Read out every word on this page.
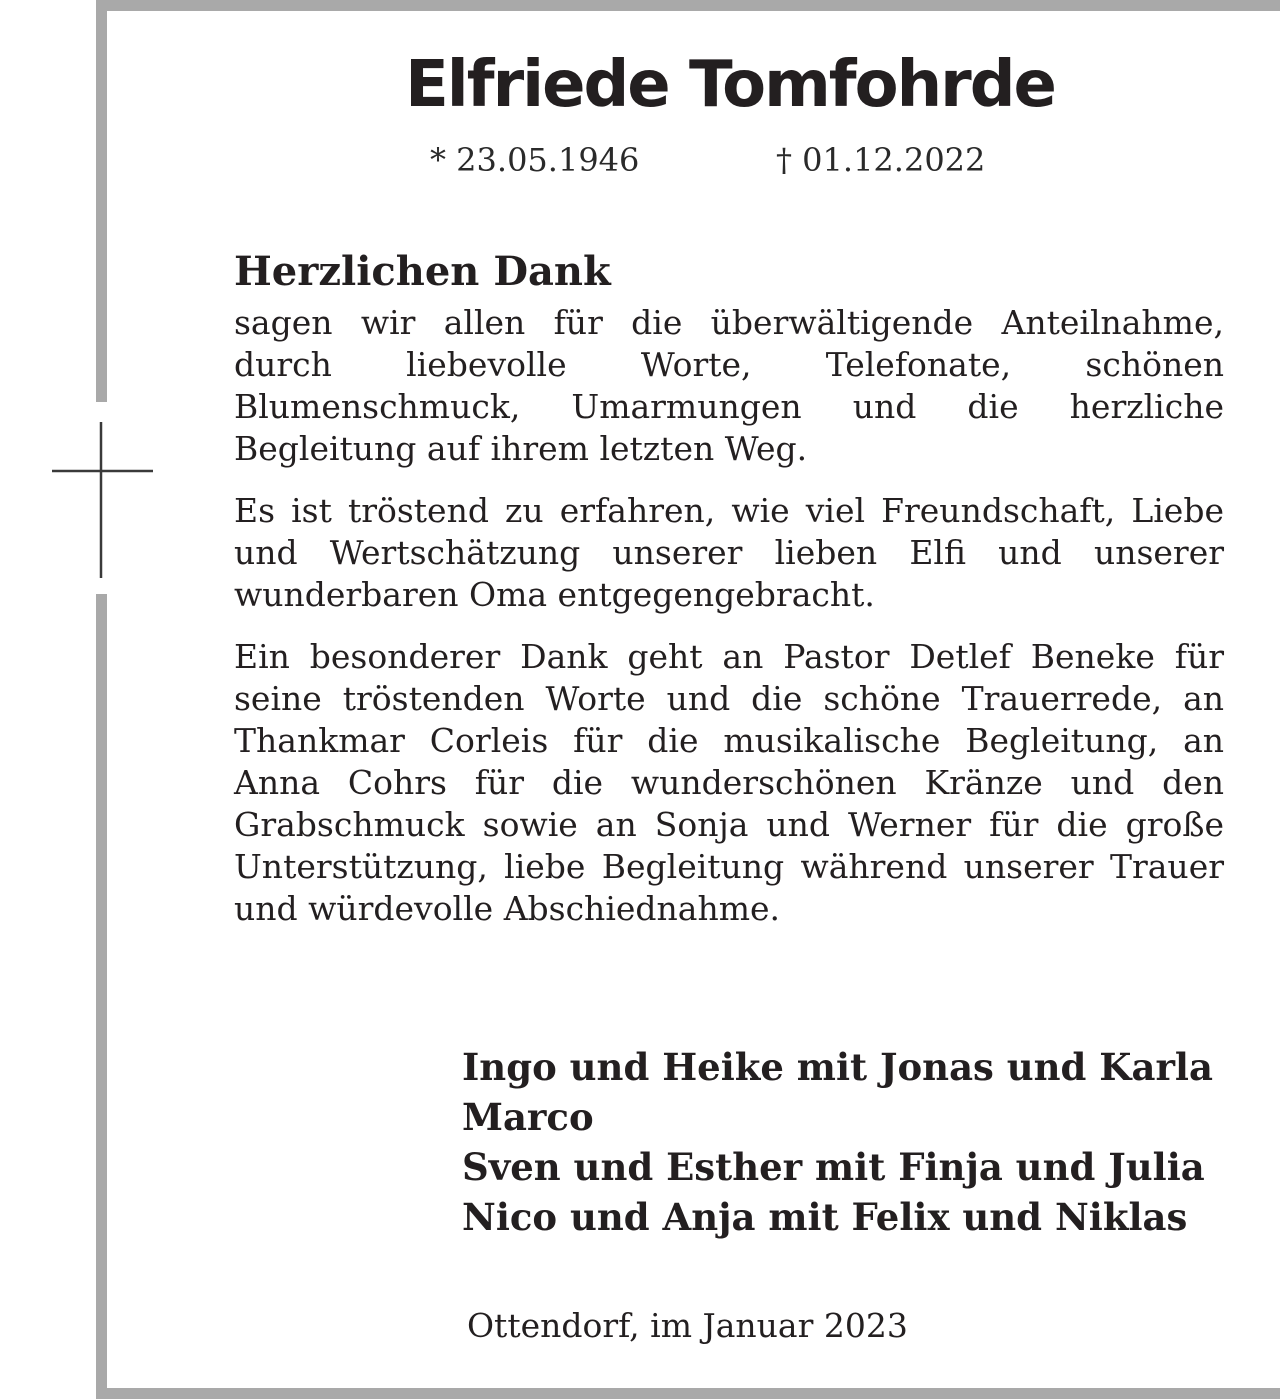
Elfriede Tomfohrde
* 23.05.1946	† 01.12.2022
Herzlichen Dank
sagen wir allen für die überwältigende Anteilnahme, durch liebevolle Worte, Telefonate, schönen Blumenschmuck, Umarmungen und die herzliche Begleitung auf ihrem letzten Weg.
Es ist tröstend zu erfahren, wie viel Freundschaft, Liebe und Wertschätzung unserer lieben Elfi und unserer wunderbaren Oma entgegengebracht.
Ein besonderer Dank geht an Pastor Detlef Beneke für seine tröstenden Worte und die schöne Trauerrede, an Thankmar Corleis für die musikalische Begleitung, an Anna Cohrs für die wunderschönen Kränze und den Grabschmuck sowie an Sonja und Werner für die große Unterstützung, liebe Begleitung während unserer Trauer und würdevolle Abschiednahme.
Ingo und Heike mit Jonas und Karla
Marco
Sven und Esther mit Finja und Julia
Nico und Anja mit Felix und Niklas
Ottendorf, im Januar 2023
